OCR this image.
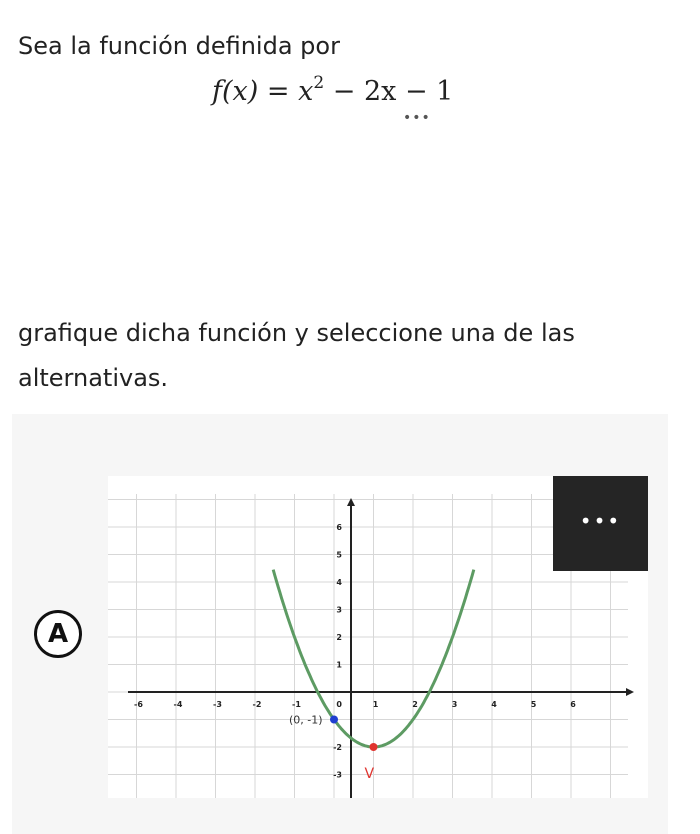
Sea la función definida por

$f(x) = x^2 - 2x - 1$
•••

grafique dicha función y seleccione una de las alternativas.

A
-6	-4	-3	-2	-1	1	2	3	4	5	6
6
5
4
3
2
1
-2
-3
0
(0, -1)
V
•••
